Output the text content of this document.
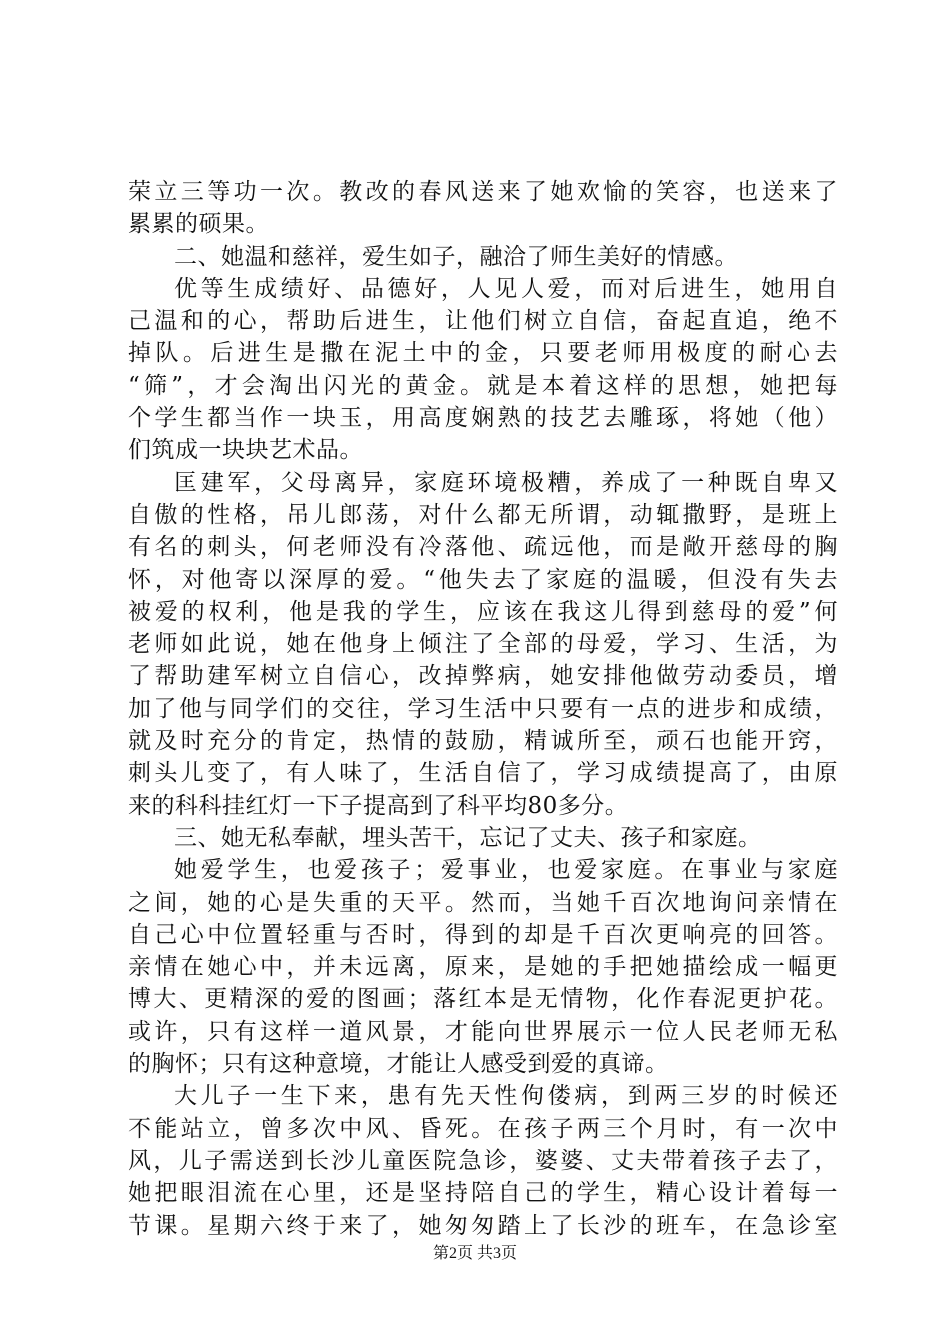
荣立三等功一次。教改的春风送来了她欢愉的笑容，也送来了
累累的硕果。
二、她温和慈祥，爱生如子，融洽了师生美好的情感。
优等生成绩好、品德好，人见人爱，而对后进生，她用自
己温和的心，帮助后进生，让他们树立自信，奋起直追，绝不
掉队。后进生是撒在泥土中的金，只要老师用极度的耐心去
“筛”，才会淘出闪光的黄金。就是本着这样的思想，她把每
个学生都当作一块玉，用高度娴熟的技艺去雕琢，将她（他）
们筑成一块块艺术品。
匡建军，父母离异，家庭环境极糟，养成了一种既自卑又
自傲的性格，吊儿郎荡，对什么都无所谓，动辄撒野，是班上
有名的刺头，何老师没有冷落他、疏远他，而是敞开慈母的胸
怀，对他寄以深厚的爱。“他失去了家庭的温暖，但没有失去
被爱的权利，他是我的学生，应该在我这儿得到慈母的爱”何
老师如此说，她在他身上倾注了全部的母爱，学习、生活，为
了帮助建军树立自信心，改掉弊病，她安排他做劳动委员，增
加了他与同学们的交往，学习生活中只要有一点的进步和成绩，
就及时充分的肯定，热情的鼓励，精诚所至，顽石也能开窍，
刺头儿变了，有人味了，生活自信了，学习成绩提高了，由原
来的科科挂红灯一下子提高到了科平均80多分。
三、她无私奉献，埋头苦干，忘记了丈夫、孩子和家庭。
她爱学生，也爱孩子；爱事业，也爱家庭。在事业与家庭
之间，她的心是失重的天平。然而，当她千百次地询问亲情在
自己心中位置轻重与否时，得到的却是千百次更响亮的回答。
亲情在她心中，并未远离，原来，是她的手把她描绘成一幅更
博大、更精深的爱的图画；落红本是无情物，化作春泥更护花。
或许，只有这样一道风景，才能向世界展示一位人民老师无私
的胸怀；只有这种意境，才能让人感受到爱的真谛。
大儿子一生下来，患有先天性佝偻病，到两三岁的时候还
不能站立，曾多次中风、昏死。在孩子两三个月时，有一次中
风，儿子需送到长沙儿童医院急诊，婆婆、丈夫带着孩子去了，
她把眼泪流在心里，还是坚持陪自己的学生，精心设计着每一
节课。星期六终于来了，她匆匆踏上了长沙的班车，在急诊室
第2页 共3页
